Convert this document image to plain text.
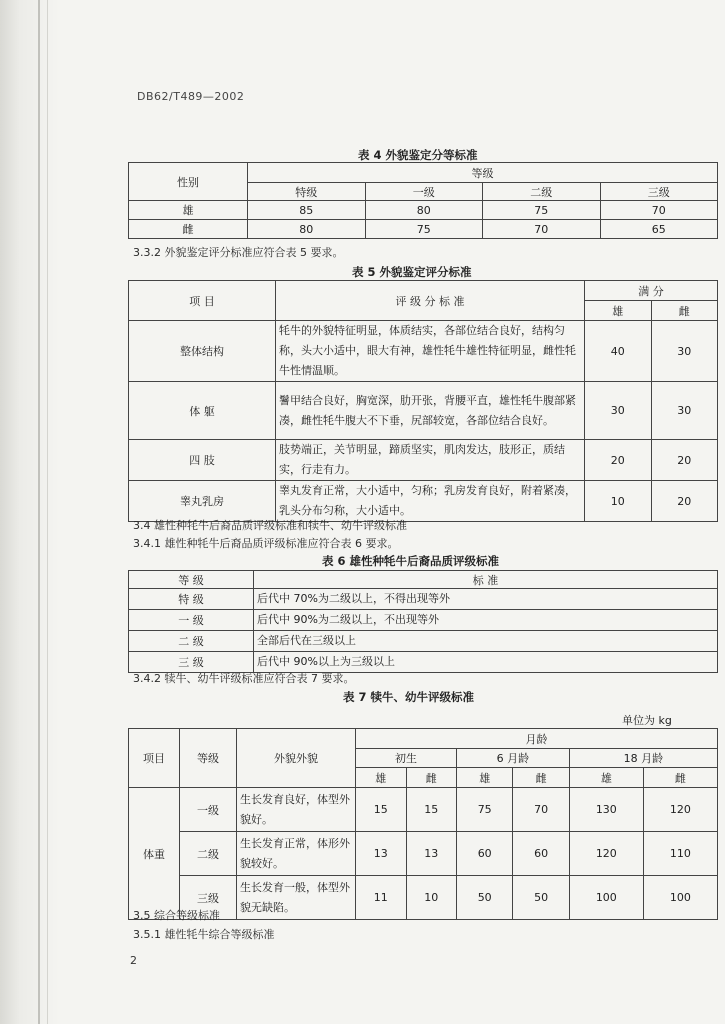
DB62/T489—2002
表 4 外貌鉴定分等标准
性别	等级			
	特级	一级	二级	三级
雄	85	80	75	70
雌	80	75	70	65
3.3.2 外貌鉴定评分标准应符合表 5 要求。
表 5 外貌鉴定评分标准
项 目	评 级 分 标 准	满 分	
		雄	雌
整体结构	牦牛的外貌特征明显，体质结实，各部位结合良好，结构匀称，头大小适中，眼大有神，雄性牦牛雄性特征明显，雌性牦牛性情温顺。	40	30
体 躯	鬐甲结合良好，胸宽深，肋开张，背腰平直，雄性牦牛腹部紧凑，雌性牦牛腹大不下垂，尻部较宽，各部位结合良好。	30	30
四 肢	肢势端正，关节明显，蹄质坚实，肌肉发达，肢形正，质结实，行走有力。	20	20
睾丸乳房	睾丸发育正常，大小适中，匀称；乳房发育良好，附着紧凑，乳头分布匀称，大小适中。	10	20
3.4 雄性种牦牛后裔品质评级标准和犊牛、幼牛评级标准
3.4.1 雄性种牦牛后裔品质评级标准应符合表 6 要求。
表 6 雄性种牦牛后裔品质评级标准
等 级	标 准
特 级	后代中 70%为二级以上，不得出现等外
一 级	后代中 90%为二级以上，不出现等外
二 级	全部后代在三级以上
三 级	后代中 90%以上为三级以上
3.4.2 犊牛、幼牛评级标准应符合表 7 要求。
表 7 犊牛、幼牛评级标准
单位为 kg
项目	等级	外貌外貌	月龄					
			初生		6 月龄		18 月龄	
			雄	雌	雄	雌	雄	雌
体重	一级	生长发育良好，体型外貌好。	15	15	75	70	130	120
	二级	生长发育正常，体形外貌较好。	13	13	60	60	120	110
	三级	生长发育一般，体型外貌无缺陷。	11	10	50	50	100	100
3.5 综合等级标准
3.5.1 雄性牦牛综合等级标准
2
